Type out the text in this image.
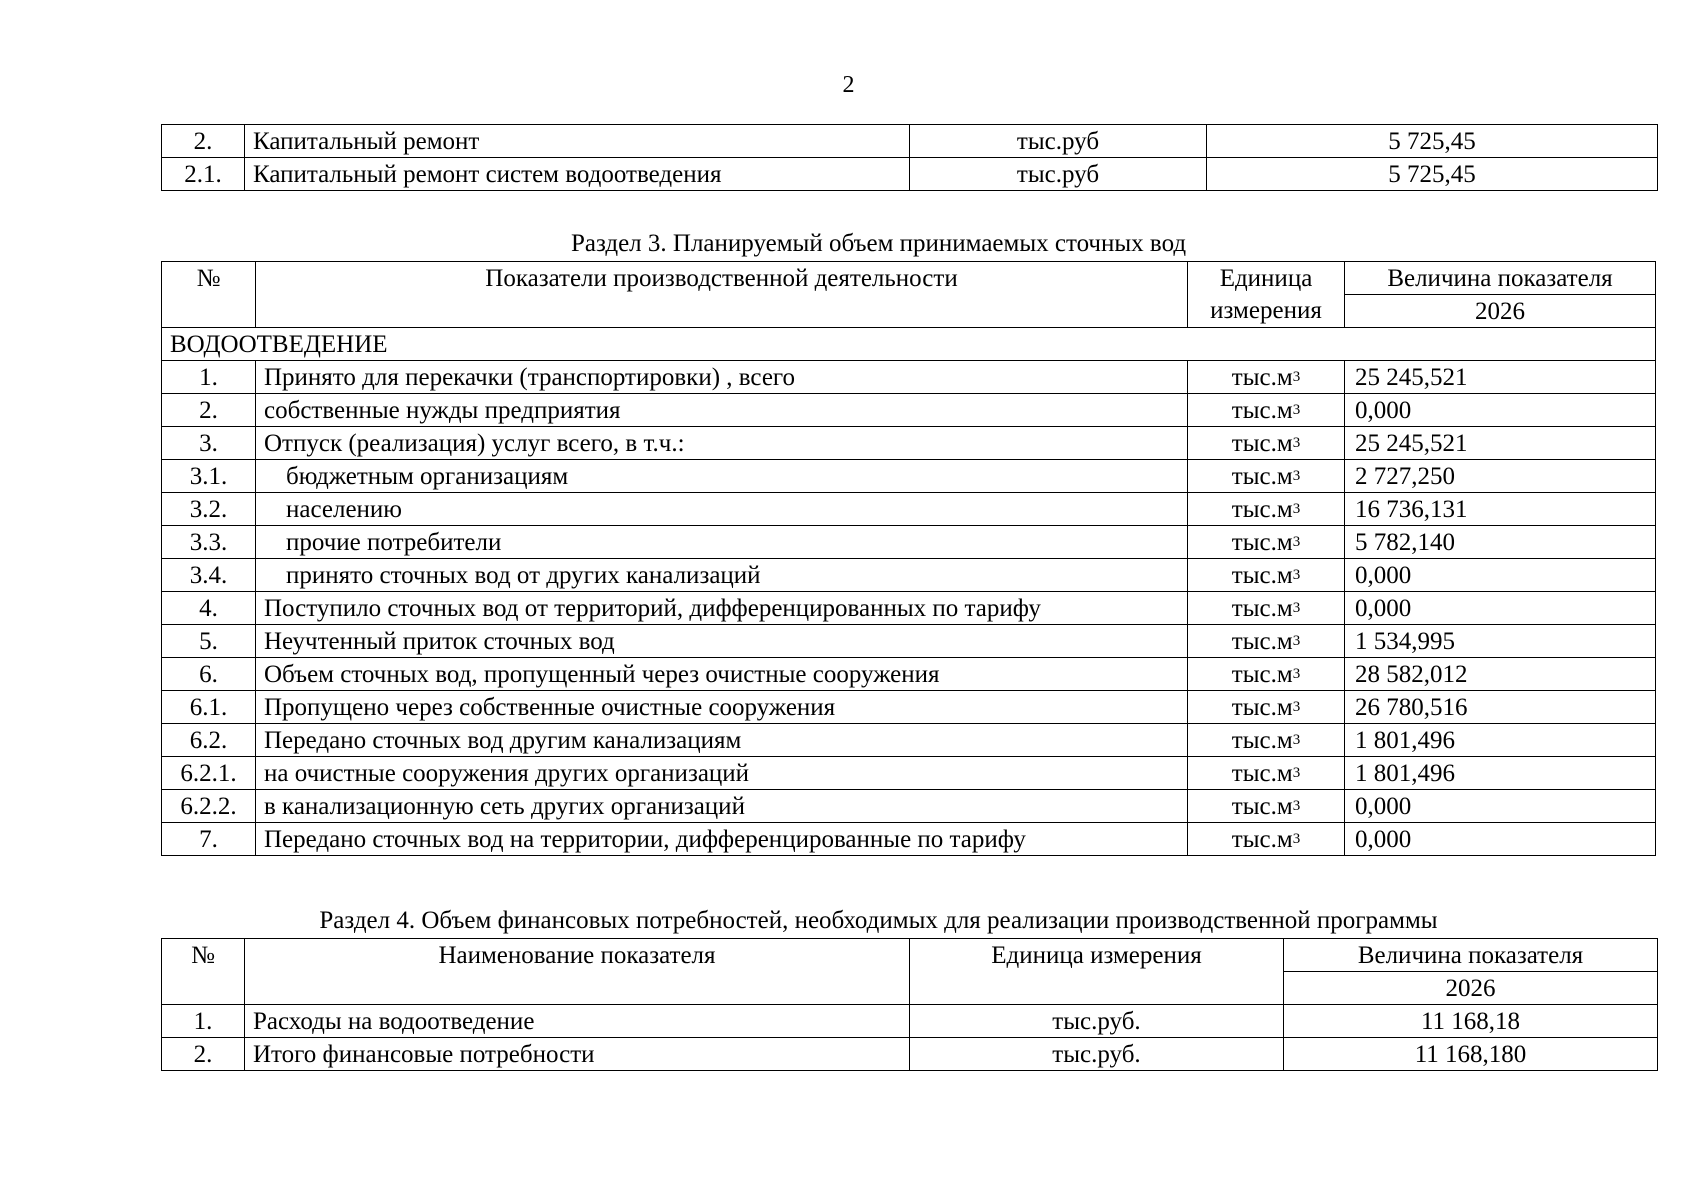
2
2.	Капитальный ремонт	тыс.руб	5 725,45
2.1.	Капитальный ремонт систем водоотведения	тыс.руб	5 725,45
Раздел 3. Планируемый объем принимаемых сточных вод
№	Показатели производственной деятельности	Единица	Величина показателя
		измерения	2026
ВОДООТВЕДЕНИЕ			
1.	Принято для перекачки (транспортировки) , всего	$тыс.м^3$	25 245,521
2.	собственные нужды предприятия	$тыс.м^3$	0,000
3.	Отпуск (реализация) услуг всего, в т.ч.:	$тыс.м^3$	25 245,521
3.1.	бюджетным организациям	$тыс.м^3$	2 727,250
3.2.	населению	$тыс.м^3$	16 736,131
3.3.	прочие потребители	$тыс.м^3$	5 782,140
3.4.	принято сточных вод от других канализаций	$тыс.м^3$	0,000
4.	Поступило сточных вод от территорий, дифференцированных по тарифу	$тыс.м^3$	0,000
5.	Неучтенный приток сточных вод	$тыс.м^3$	1 534,995
6.	Объем сточных вод, пропущенный через очистные сооружения	$тыс.м^3$	28 582,012
6.1.	Пропущено через собственные очистные сооружения	$тыс.м^3$	26 780,516
6.2.	Передано сточных вод другим канализациям	$тыс.м^3$	1 801,496
6.2.1.	на очистные сооружения других организаций	$тыс.м^3$	1 801,496
6.2.2.	в канализационную сеть других организаций	$тыс.м^3$	0,000
7.	Передано сточных вод на территории, дифференцированные по тарифу	$тыс.м^3$	0,000
Раздел 4. Объем финансовых потребностей, необходимых для реализации производственной программы
№	Наименование показателя	Единица измерения	Величина показателя
			2026
1.	Расходы на водоотведение	тыс.руб.	11 168,18
2.	Итого финансовые потребности	тыс.руб.	11 168,180
